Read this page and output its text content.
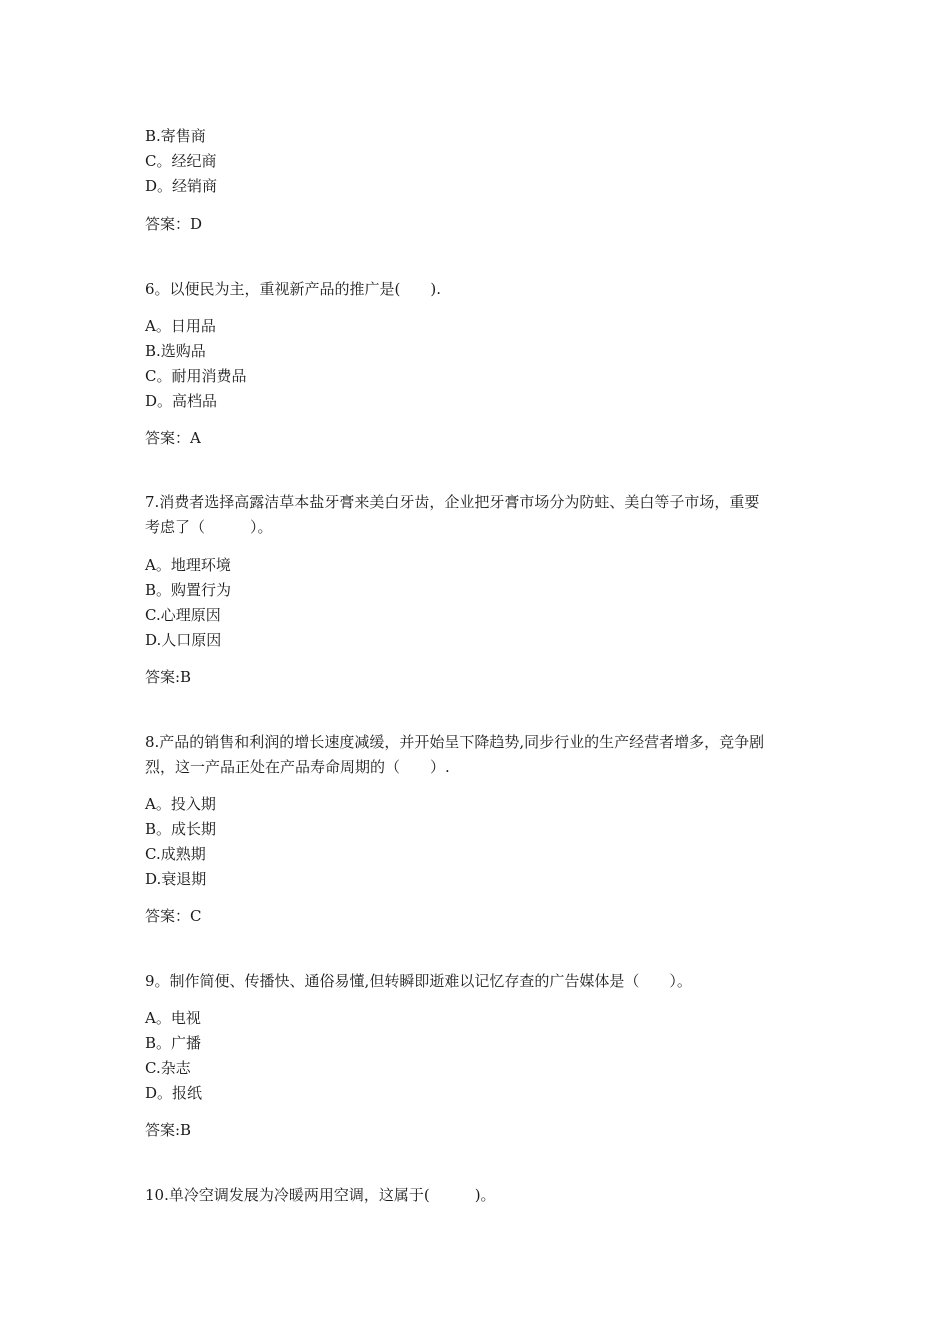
B.寄售商
C。经纪商
D。经销商
答案：D
6。以便民为主，重视新产品的推广是(　　).
A。日用品
B.选购品
C。耐用消费品
D。高档品
答案：A
7.消费者选择高露洁草本盐牙膏来美白牙齿，企业把牙膏市场分为防蛀、美白等子市场，重要
考虑了（　　　）。
A。地理环境
B。购置行为
C.心理原因
D.人口原因
答案:B
8.产品的销售和利润的增长速度减缓，并开始呈下降趋势,同步行业的生产经营者增多，竞争剧
烈，这一产品正处在产品寿命周期的（　　）.
A。投入期
B。成长期
C.成熟期
D.衰退期
答案：C
9。制作简便、传播快、通俗易懂,但转瞬即逝难以记忆存查的广告媒体是（　　）。
A。电视
B。广播
C.杂志
D。报纸
答案:B
10.单冷空调发展为冷暖两用空调，这属于(　　　)。
